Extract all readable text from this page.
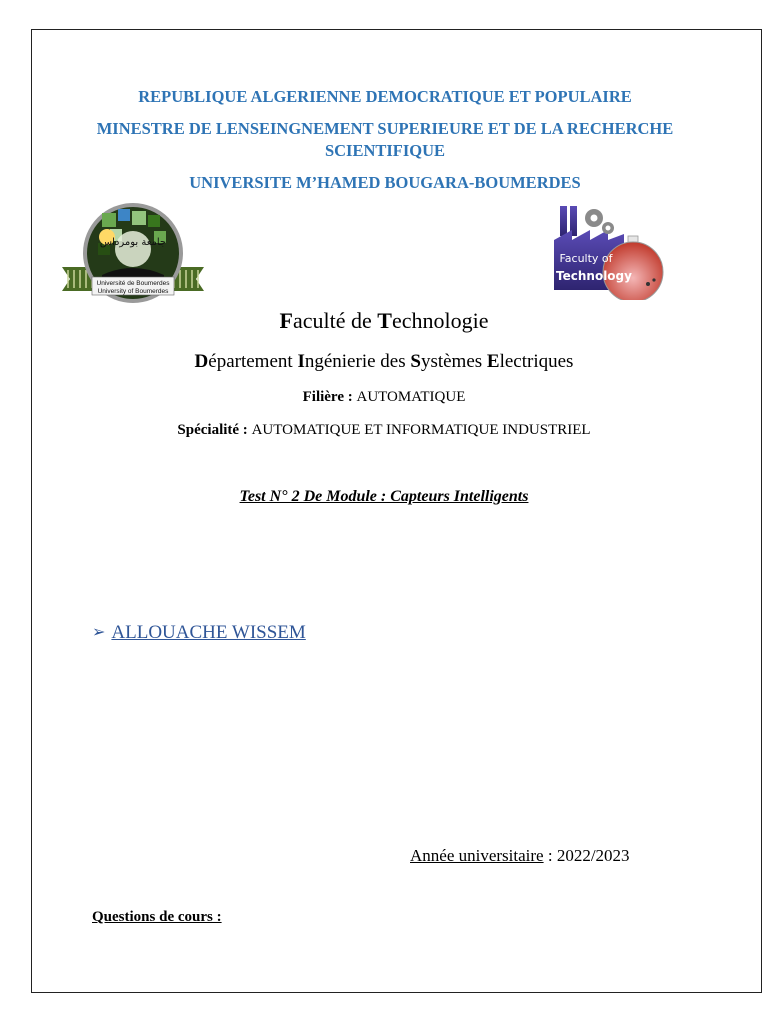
REPUBLIQUE ALGERIENNE DEMOCRATIQUE ET POPULAIRE
MINESTRE DE LENSEINGNEMENT SUPERIEURE ET DE LA RECHERCHE SCIENTIFIQUE
UNIVERSITE M’HAMED BOUGARA-BOUMERDES
جامعة بومرداس
Université de Boumerdes
University of Boumerdes
Faculty of
Technology
Faculté de Technologie
Département Ingénierie des Systèmes Electriques
Filière : AUTOMATIQUE
Spécialité : AUTOMATIQUE ET INFORMATIQUE INDUSTRIEL
Test N° 2 De Module : Capteurs Intelligents
➢ ALLOUACHE WISSEM
Année universitaire : 2022/2023
Questions de cours :
